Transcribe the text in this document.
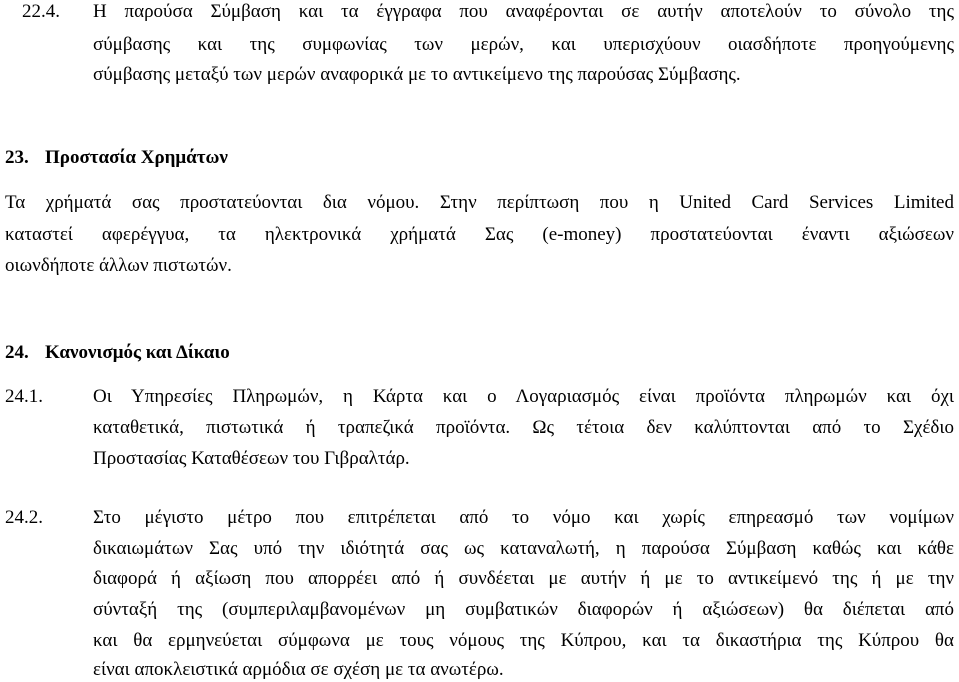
22.4. Η παρούσα Σύμβαση και τα έγγραφα που αναφέρονται σε αυτήν αποτελούν το σύνολο της
σύμβασης και της συμφωνίας των μερών, και υπερισχύουν οιασδήποτε προηγούμενης
σύμβασης μεταξύ των μερών αναφορικά με το αντικείμενο της παρούσας Σύμβασης.
23. Προστασία Χρημάτων
Τα χρήματά σας προστατεύονται δια νόμου. Στην περίπτωση που η United Card Services Limited
καταστεί αφερέγγυα, τα ηλεκτρονικά χρήματά Σας (e-money) προστατεύονται έναντι αξιώσεων
οιωνδήποτε άλλων πιστωτών.
24. Κανονισμός και Δίκαιο
24.1.	Οι Υπηρεσίες Πληρωμών, η Κάρτα και ο Λογαριασμός είναι προϊόντα πληρωμών και όχι
καταθετικά, πιστωτικά ή τραπεζικά προϊόντα. Ως τέτοια δεν καλύπτονται από το Σχέδιο
Προστασίας Καταθέσεων του Γιβραλτάρ.
24.2.	Στο μέγιστο μέτρο που επιτρέπεται από το νόμο και χωρίς επηρεασμό των νομίμων
δικαιωμάτων Σας υπό την ιδιότητά σας ως καταναλωτή, η παρούσα Σύμβαση καθώς και κάθε
διαφορά ή αξίωση που απορρέει από ή συνδέεται με αυτήν ή με το αντικείμενό της ή με την
σύνταξή της (συμπεριλαμβανομένων μη συμβατικών διαφορών ή αξιώσεων) θα διέπεται από
και θα ερμηνεύεται σύμφωνα με τους νόμους της Κύπρου, και τα δικαστήρια της Κύπρου θα
είναι αποκλειστικά αρμόδια σε σχέση με τα ανωτέρω.
